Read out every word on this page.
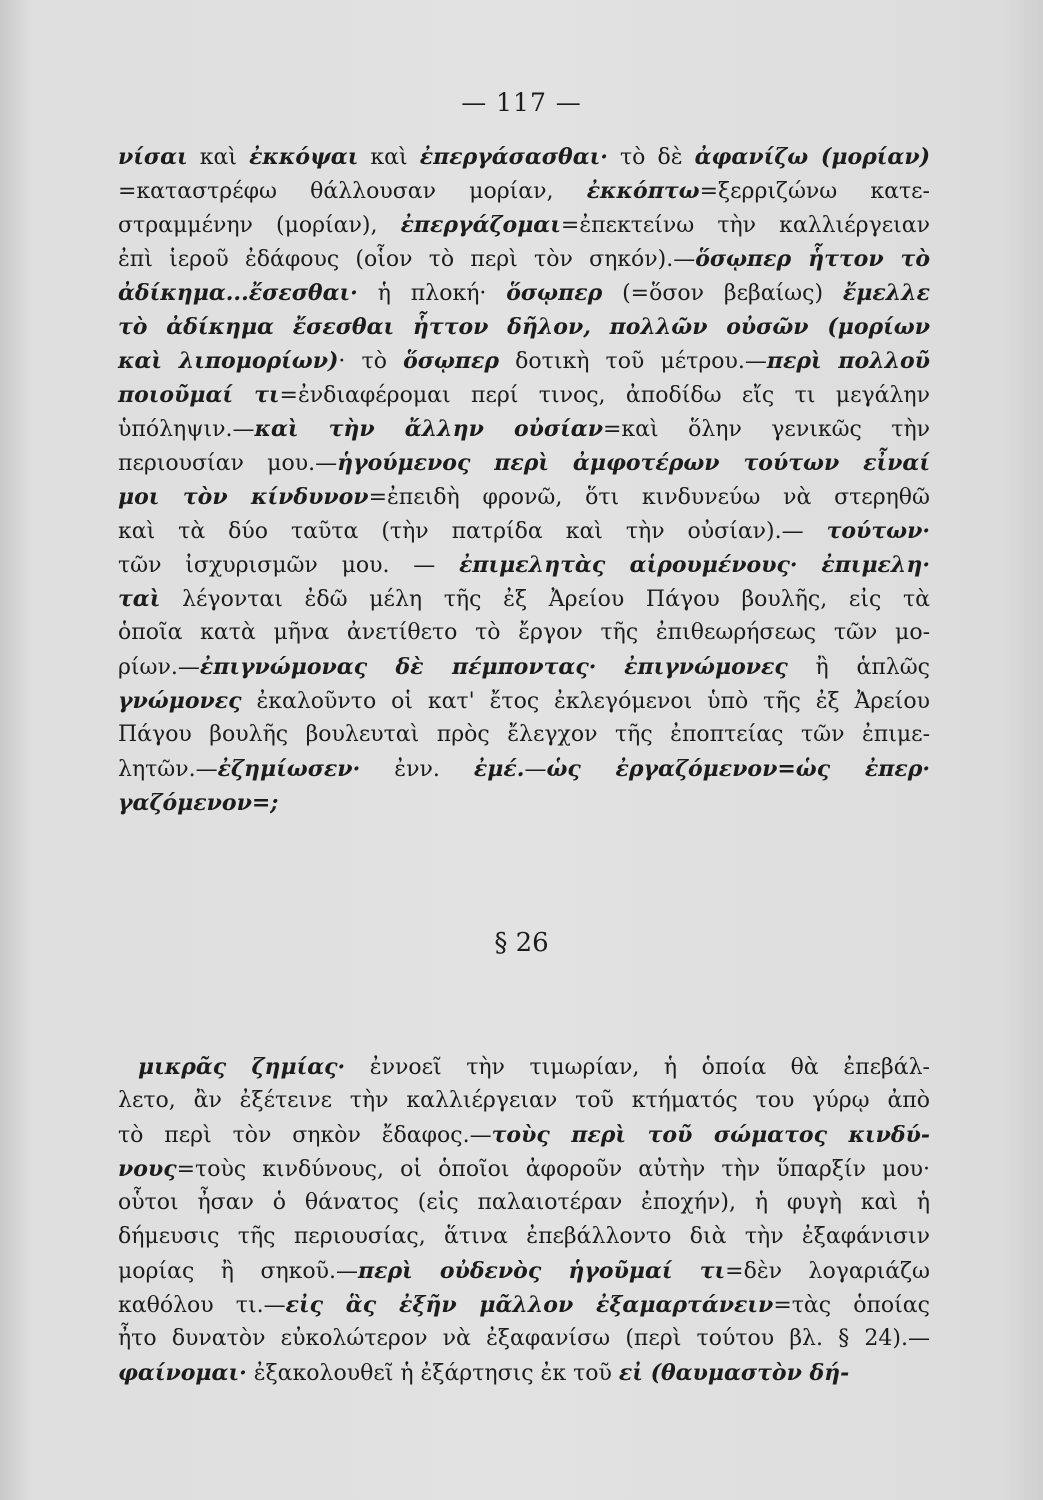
— 117 —
νίσαι καὶ ἐκκόψαι καὶ ἐπεργάσασθαι· τὸ δὲ ἀφανίζω (μορίαν)
=καταστρέφω θάλλουσαν μορίαν, ἐκκόπτω=ξερριζώνω κατε-
στραμμένην (μορίαν), ἐπεργάζομαι=ἐπεκτείνω τὴν καλλιέργειαν
ἐπὶ ἱεροῦ ἐδάφους (οἷον τὸ περὶ τὸν σηκόν).—ὅσῳπερ ἧττον τὸ
ἀδίκημα...ἔσεσθαι· ἡ πλοκή· ὅσῳπερ (=ὅσον βεβαίως) ἔμελλε
τὸ ἀδίκημα ἔσεσθαι ἧττον δῆλον, πολλῶν οὐσῶν (μορίων
καὶ λιπομορίων)· τὸ ὅσῳπερ δοτικὴ τοῦ μέτρου.—περὶ πολλοῦ
ποιοῦμαί τι=ἐνδιαφέρομαι περί τινος, ἀποδίδω εἴς τι μεγάλην
ὑπόληψιν.—καὶ τὴν ἄλλην οὐσίαν=καὶ ὅλην γενικῶς τὴν
περιουσίαν μου.—ἡγούμενος περὶ ἀμφοτέρων τούτων εἶναί
μοι τὸν κίνδυνον=ἐπειδὴ φρονῶ, ὅτι κινδυνεύω νὰ στερηθῶ
καὶ τὰ δύο ταῦτα (τὴν πατρίδα καὶ τὴν οὐσίαν).— τούτων·
τῶν ἰσχυρισμῶν μου. — ἐπιμελητὰς αἱρουμένους· ἐπιμελη·
ταὶ λέγονται ἐδῶ μέλη τῆς ἐξ Ἀρείου Πάγου βουλῆς, εἰς τὰ
ὁποῖα κατὰ μῆνα ἀνετίθετο τὸ ἔργον τῆς ἐπιθεωρήσεως τῶν μο-
ρίων.—ἐπιγνώμονας δὲ πέμποντας· ἐπιγνώμονες ἢ ἁπλῶς
γνώμονες ἐκαλοῦντο οἱ κατ' ἔτος ἐκλεγόμενοι ὑπὸ τῆς ἐξ Ἀρείου
Πάγου βουλῆς βουλευταὶ πρὸς ἔλεγχον τῆς ἐποπτείας τῶν ἐπιμε-
λητῶν.—ἐζημίωσεν· ἐνν. ἐμέ.—ὡς ἐργαζόμενον=ὡς ἐπερ·
γαζόμενον=;
§ 26
μικρᾶς ζημίας· ἐννοεῖ τὴν τιμωρίαν, ἡ ὁποία θὰ ἐπεβάλ-
λετο, ἂν ἐξέτεινε τὴν καλλιέργειαν τοῦ κτήματός του γύρῳ ἀπὸ
τὸ περὶ τὸν σηκὸν ἔδαφος.—τοὺς περὶ τοῦ σώματος κινδύ-
νους=τοὺς κινδύνους, οἱ ὁποῖοι ἀφοροῦν αὐτὴν τὴν ὕπαρξίν μου·
οὗτοι ἦσαν ὁ θάνατος (εἰς παλαιοτέραν ἐποχήν), ἡ φυγὴ καὶ ἡ
δήμευσις τῆς περιουσίας, ἅτινα ἐπεβάλλοντο διὰ τὴν ἐξαφάνισιν
μορίας ἢ σηκοῦ.—περὶ οὐδενὸς ἡγοῦμαί τι=δὲν λογαριάζω
καθόλου τι.—εἰς ἃς ἐξῆν μᾶλλον ἐξαμαρτάνειν=τὰς ὁποίας
ἦτο δυνατὸν εὐκολώτερον νὰ ἐξαφανίσω (περὶ τούτου βλ. § 24).—
φαίνομαι· ἐξακολουθεῖ ἡ ἐξάρτησις ἐκ τοῦ εἰ (θαυμαστὸν δή-
